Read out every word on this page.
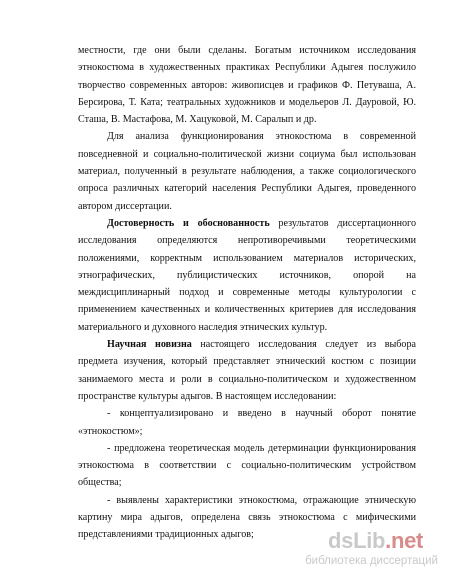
местности, где они были сделаны. Богатым источником исследования этнокостюма в художественных практиках Республики Адыгея послужило творчество современных авторов: живописцев и графиков Ф. Петуваша, А. Берсирова, Т. Ката; театральных художников и модельеров Л. Дауровой, Ю. Сташа, В. Мастафова, М. Хацуковой, М. Саралып и др.

Для анализа функционирования этнокостюма в современной повседневной и социально-политической жизни социума был использован материал, полученный в результате наблюдения, а также социологического опроса различных категорий населения Республики Адыгея, проведенного автором диссертации.

Достоверность и обоснованность результатов диссертационного исследования определяются непротиворечивыми теоретическими положениями, корректным использованием материалов исторических, этнографических, публицистических источников, опорой на междисциплинарный подход и современные методы культурологии с применением качественных и количественных критериев для исследования материального и духовного наследия этнических культур.

Научная новизна настоящего исследования следует из выбора предмета изучения, который представляет этнический костюм с позиции занимаемого места и роли в социально-политическом и художественном пространстве культуры адыгов. В настоящем исследовании:

- концептуализировано и введено в научный оборот понятие «этнокостюм»;

- предложена теоретическая модель детерминации функционирования этнокостюма в соответствии с социально-политическим устройством общества;

- выявлены характеристики этнокостюма, отражающие этническую картину мира адыгов, определена связь этнокостюма с мифическими представлениями традиционных адыгов;	dsLib.net
библиотека диссертаций
